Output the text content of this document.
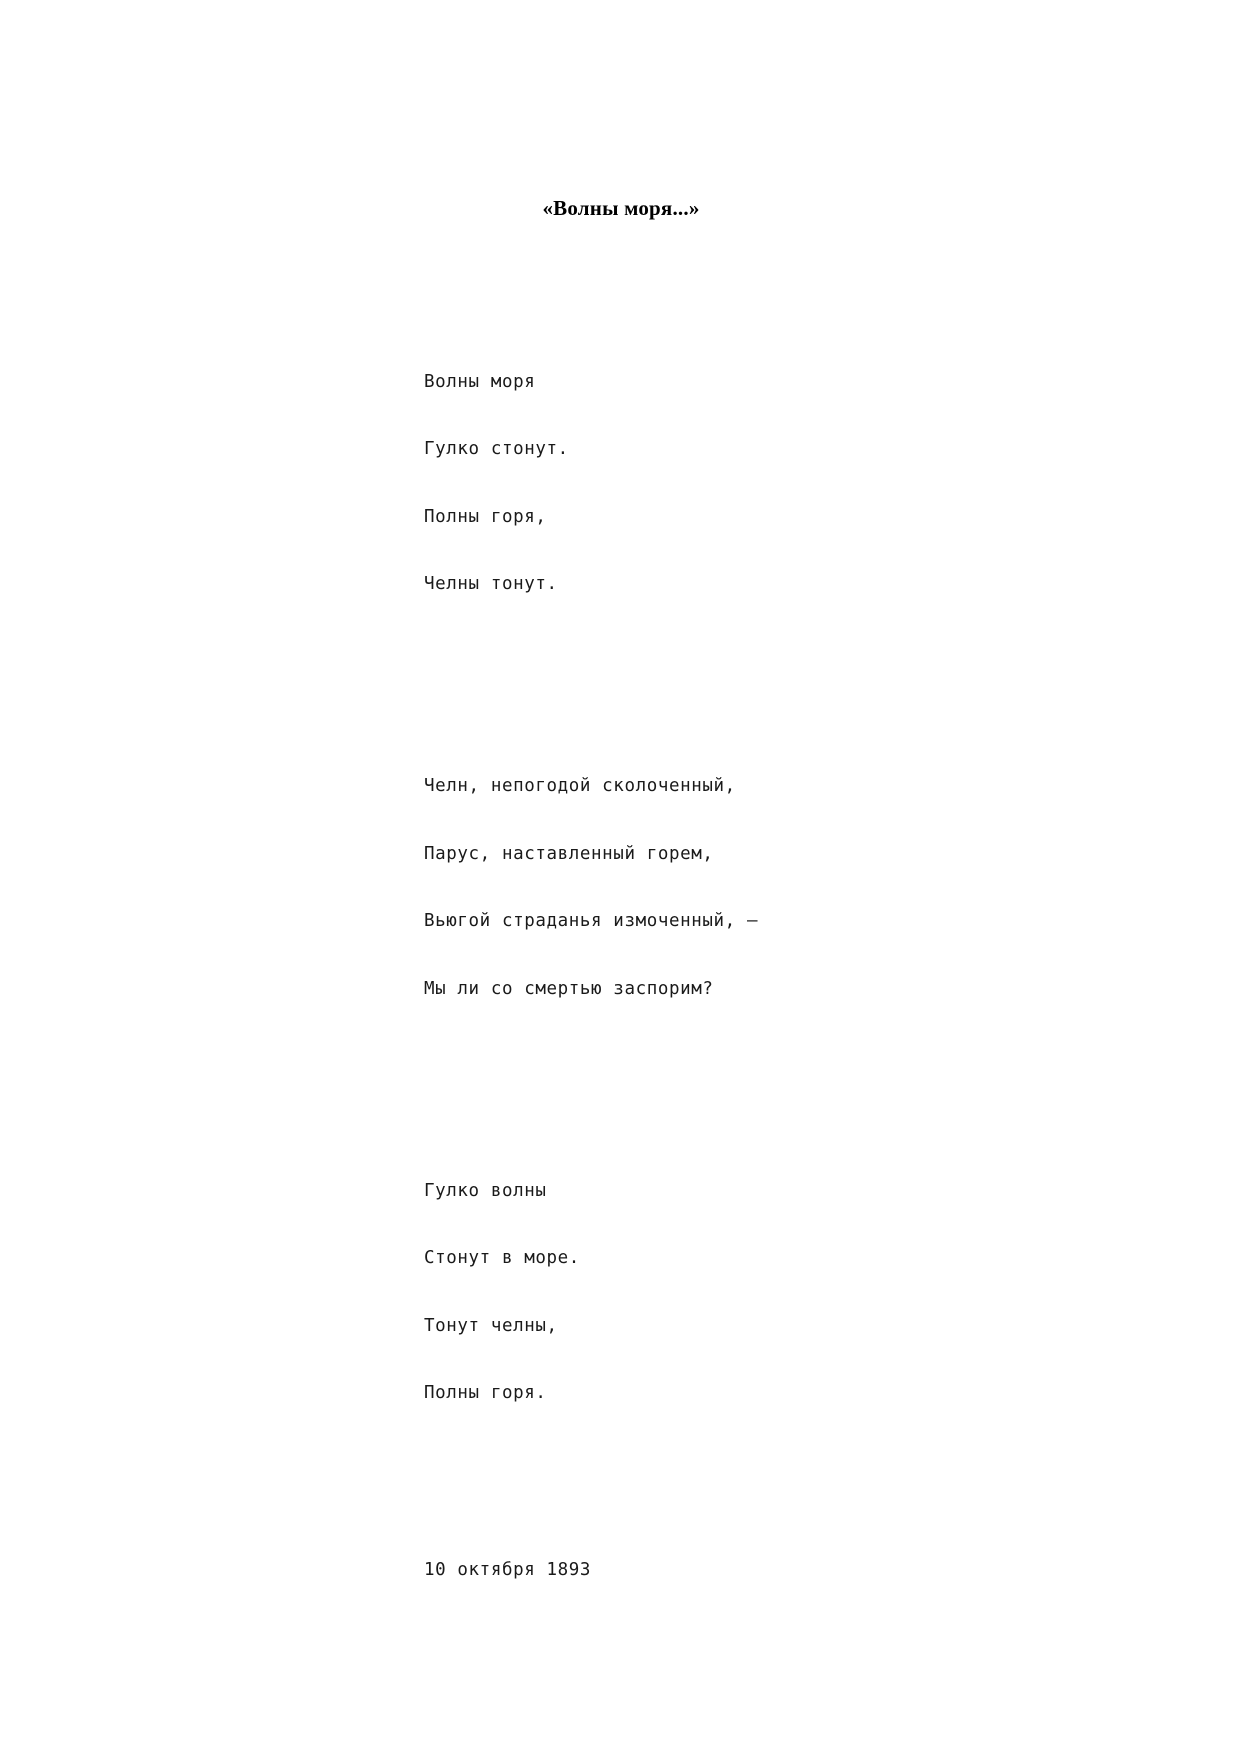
«Волны моря...»

Волны моря

Гулко стонут.

Полны горя,

Челны тонут.

Челн, непогодой сколоченный,

Парус, наставленный горем,

Вьюгой страданья измоченный, —

Мы ли со смертью заспорим?

Гулко волны

Стонут в море.

Тонут челны,

Полны горя.

10 октября 1893
